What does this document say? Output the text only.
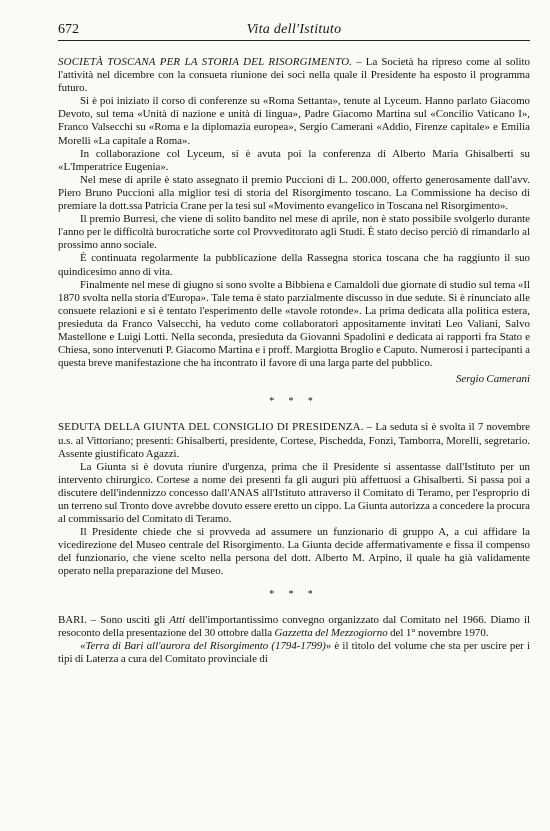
672	Vita dell'Istituto

SOCIETÀ TOSCANA PER LA STORIA DEL RISORGIMENTO. – La Società ha ripreso come al solito l'attività nel dicembre con la consueta riunione dei soci nella quale il Presidente ha esposto il programma futuro.

Si è poi iniziato il corso di conferenze su «Roma Settanta», tenute al Lyceum. Hanno parlato Giacomo Devoto, sul tema «Unità di nazione e unità di lingua», Padre Giacomo Martina sul «Concilio Vaticano I», Franco Valsecchi su «Roma e la diplomazia europea», Sergio Camerani «Addio, Firenze capitale» e Emilia Morelli «La capitale a Roma».

In collaborazione col Lyceum, si è avuta poi la conferenza di Alberto Maria Ghisalberti su «L'Imperatrice Eugenia».

Nel mese di aprile è stato assegnato il premio Puccioni di L. 200.000, offerto generosamente dall'avv. Piero Bruno Puccioni alla miglior tesi di storia del Risorgimento toscano. La Commissione ha deciso di premiare la dott.ssa Patricia Crane per la tesi sul «Movimento evangelico in Toscana nel Risorgimento».

Il premio Burresi, che viene di solito bandito nel mese di aprile, non è stato possibile svolgerlo durante l'anno per le difficoltà burocratiche sorte col Provveditorato agli Studi. È stato deciso perciò di rimandarlo al prossimo anno sociale.

È continuata regolarmente la pubblicazione della Rassegna storica toscana che ha raggiunto il suo quindicesimo anno di vita.

Finalmente nel mese di giugno si sono svolte a Bibbiena e Camaldoli due giornate di studio sul tema «Il 1870 svolta nella storia d'Europa». Tale tema è stato parzialmente discusso in due sedute. Si è rinunciato alle consuete relazioni e si è tentato l'esperimento delle «tavole rotonde». La prima dedicata alla politica estera, presieduta da Franco Valsecchi, ha veduto come collaboratori appositamente invitati Leo Valiani, Salvo Mastellone e Luigi Lotti. Nella seconda, presieduta da Giovanni Spadolini e dedicata ai rapporti fra Stato e Chiesa, sono intervenuti P. Giacomo Martina e i proff. Margiotta Broglio e Caputo. Numerosi i partecipanti a questa breve manifestazione che ha incontrato il favore di una larga parte del pubblico.

Sergio Camerani
* * *

SEDUTA DELLA GIUNTA DEL CONSIGLIO DI PRESIDENZA. – La seduta si è svolta il 7 novembre u.s. al Vittoriano; presenti: Ghisalberti, presidente, Cortese, Pischedda, Fonzi, Tamborra, Morelli, segretario. Assente giustificato Agazzi.

La Giunta si è dovuta riunire d'urgenza, prima che il Presidente si assentasse dall'Istituto per un intervento chirurgico. Cortese a nome dei presenti fa gli auguri più affettuosi a Ghisalberti. Si passa poi a discutere dell'indennizzo concesso dall'ANAS all'Istituto attraverso il Comitato di Teramo, per l'esproprio di un terreno sul Tronto dove avrebbe dovuto essere eretto un cippo. La Giunta autorizza a concedere la procura al commissario del Comitato di Teramo.

Il Presidente chiede che si provveda ad assumere un funzionario di gruppo A, a cui affidare la vicedirezione del Museo centrale del Risorgimento. La Giunta decide affermativamente e fissa il compenso del funzionario, che viene scelto nella persona del dott. Alberto M. Arpino, il quale ha già validamente operato nella preparazione del Museo.

* * *

BARI. – Sono usciti gli Atti dell'importantissimo convegno organizzato dal Comitato nel 1966. Diamo il resoconto della presentazione del 30 ottobre dalla Gazzetta del Mezzogiorno del 1° novembre 1970.

«Terra di Bari all'aurora del Risorgimento (1794-1799)» è il titolo del volume che sta per uscire per i tipi di Laterza a cura del Comitato provinciale di
